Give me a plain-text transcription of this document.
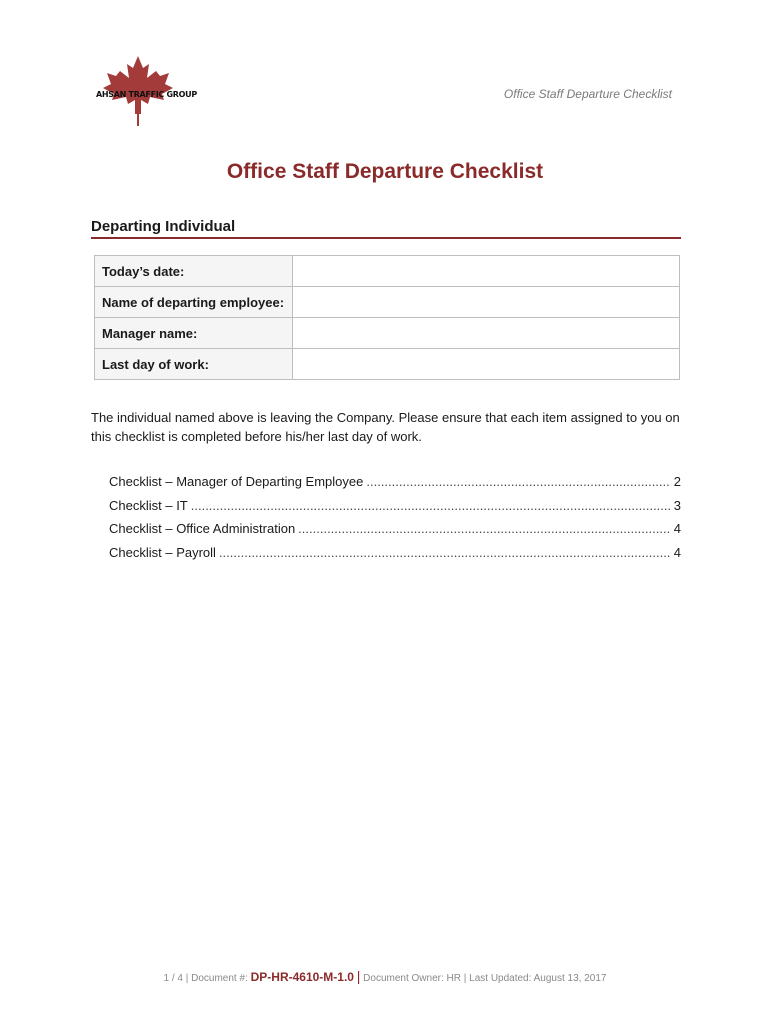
AHSAN TRAFFIC GROUP	Office Staff Departure Checklist
Office Staff Departure Checklist
Departing Individual
Today’s date:	
Name of departing employee:	
Manager name:	
Last day of work:	
The individual named above is leaving the Company. Please ensure that each item assigned to you on this checklist is completed before his/her last day of work.
Checklist – Manager of Departing Employee .....	2
Checklist – IT .....	3
Checklist – Office Administration .....	4
Checklist – Payroll .....	4
1 / 4 | Document #: DP-HR-4610-M-1.0 | Document Owner: HR | Last Updated: August 13, 2017
